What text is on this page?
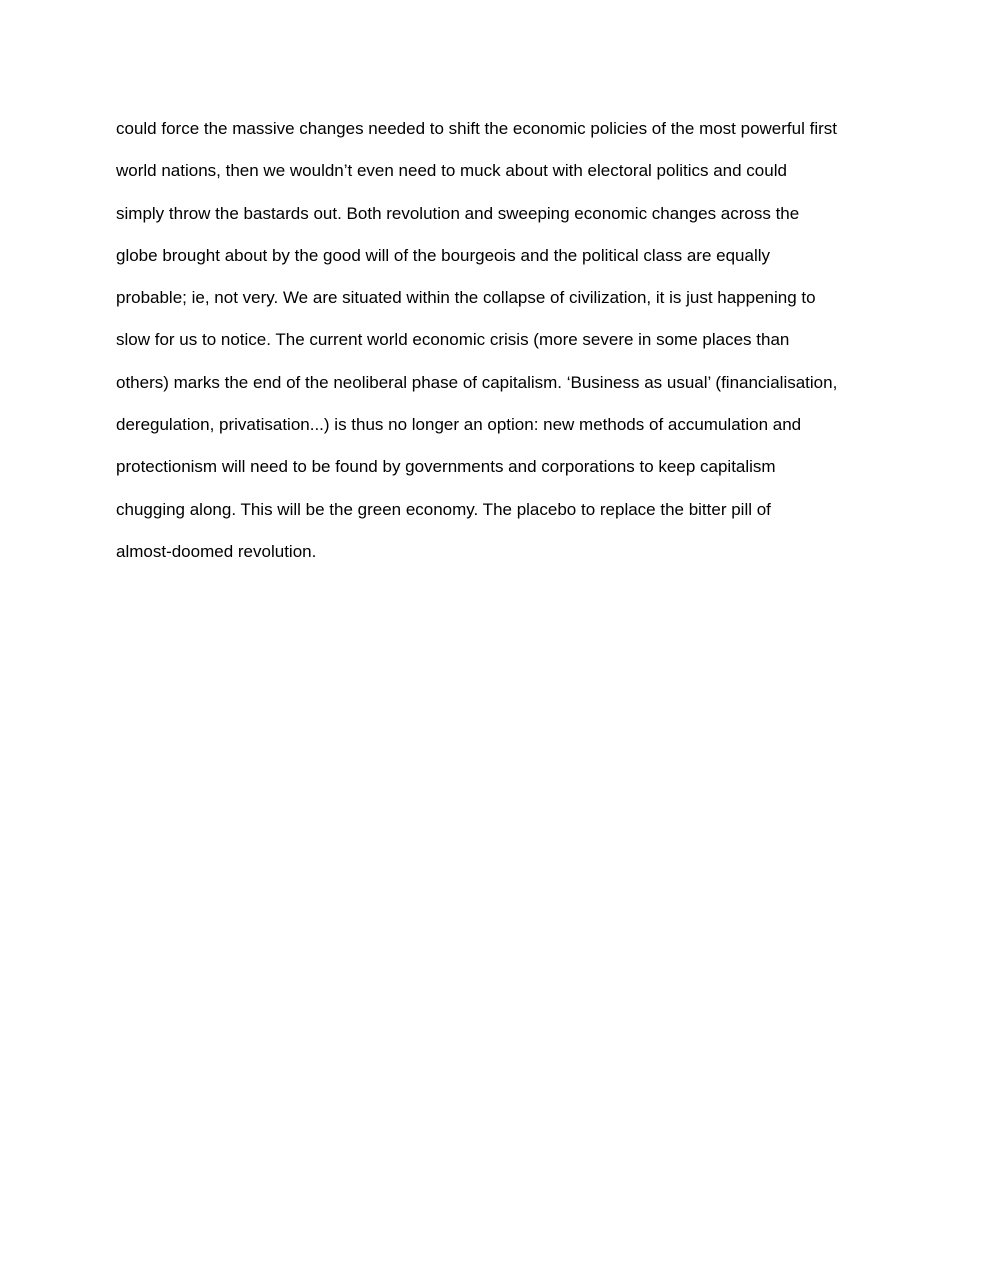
could force the massive changes needed to shift the economic policies of the most powerful first
world nations, then we wouldn’t even need to muck about with electoral politics and could
simply throw the bastards out. Both revolution and sweeping economic changes across the
globe brought about by the good will of the bourgeois and the political class are equally
probable; ie, not very. We are situated within the collapse of civilization, it is just happening to
slow for us to notice. The current world economic crisis (more severe in some places than
others) marks the end of the neoliberal phase of capitalism. ‘Business as usual’ (financialisation,
deregulation, privatisation...) is thus no longer an option: new methods of accumulation and
protectionism will need to be found by governments and corporations to keep capitalism
chugging along. This will be the green economy. The placebo to replace the bitter pill of
almost-doomed revolution.
